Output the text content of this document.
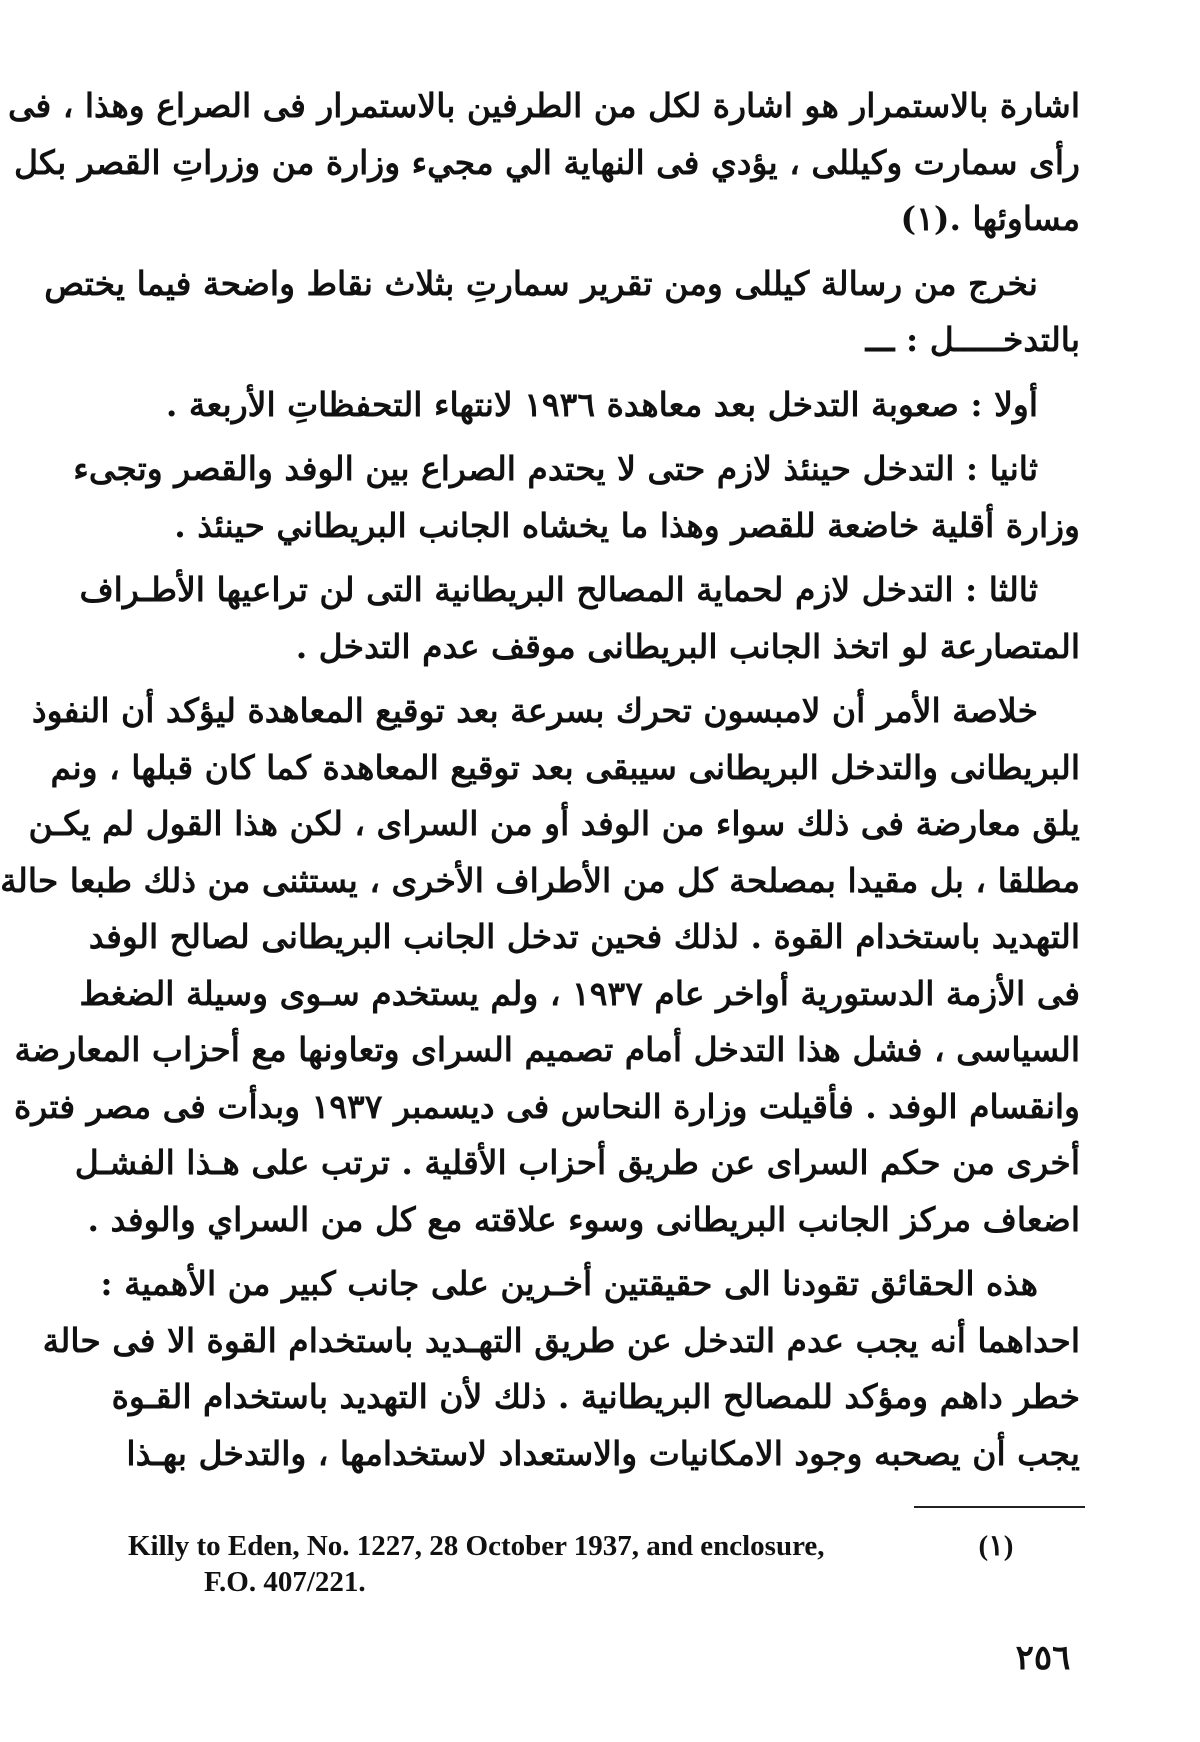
اشارة بالاستمرار هو اشارة لكل من الطرفين بالاستمرار فى الصراع وهذا ، فى
رأى سمارت وكيللى ، يؤدي فى النهاية الي مجيء وزارة من وزراتِ القصر بكل
مساوئها .(١)
نخرج من رسالة كيللى ومن تقرير سمارتِ بثلاث نقاط واضحة فيما يختص
بالتدخـــــل : ـــ
أولا : صعوبة التدخل بعد معاهدة ١٩٣٦ لانتهاء التحفظاتِ الأربعة .
ثانيا : التدخل حينئذ لازم حتى لا يحتدم الصراع بين الوفد والقصر وتجىء
وزارة أقلية خاضعة للقصر وهذا ما يخشاه الجانب البريطاني حينئذ .
ثالثا : التدخل لازم لحماية المصالح البريطانية التى لن تراعيها الأطـراف
المتصارعة لو اتخذ الجانب البريطانى موقف عدم التدخل .
خلاصة الأمر أن لامبسون تحرك بسرعة بعد توقيع المعاهدة ليؤكد أن النفوذ
البريطانى والتدخل البريطانى سيبقى بعد توقيع المعاهدة كما كان قبلها ، ونم
يلق معارضة فى ذلك سواء من الوفد أو من السراى ، لكن هذا القول لم يكـن
مطلقا ، بل مقيدا بمصلحة كل من الأطراف الأخرى ، يستثنى من ذلك طبعا حالة
التهديد باستخدام القوة . لذلك فحين تدخل الجانب البريطانى لصالح الوفد
فى الأزمة الدستورية أواخر عام ١٩٣٧ ، ولم يستخدم سـوى وسيلة الضغط
السياسى ، فشل هذا التدخل أمام تصميم السراى وتعاونها مع أحزاب المعارضة
وانقسام الوفد . فأقيلت وزارة النحاس فى ديسمبر ١٩٣٧ وبدأت فى مصر فترة
أخرى من حكم السراى عن طريق أحزاب الأقلية . ترتب على هـذا الفشـل
اضعاف مركز الجانب البريطانى وسوء علاقته مع كل من السراي والوفد .
هذه الحقائق تقودنا الى حقيقتين أخـرين على جانب كبير من الأهمية :
احداهما أنه يجب عدم التدخل عن طريق التهـديد باستخدام القوة الا فى حالة
خطر داهم ومؤكد للمصالح البريطانية . ذلك لأن التهديد باستخدام القـوة
يجب أن يصحبه وجود الامكانيات والاستعداد لاستخدامها ، والتدخل بهـذا
(١)
Killy to Eden, No. 1227, 28 October 1937, and enclosure,
F.O. 407/221.
٢٥٦
